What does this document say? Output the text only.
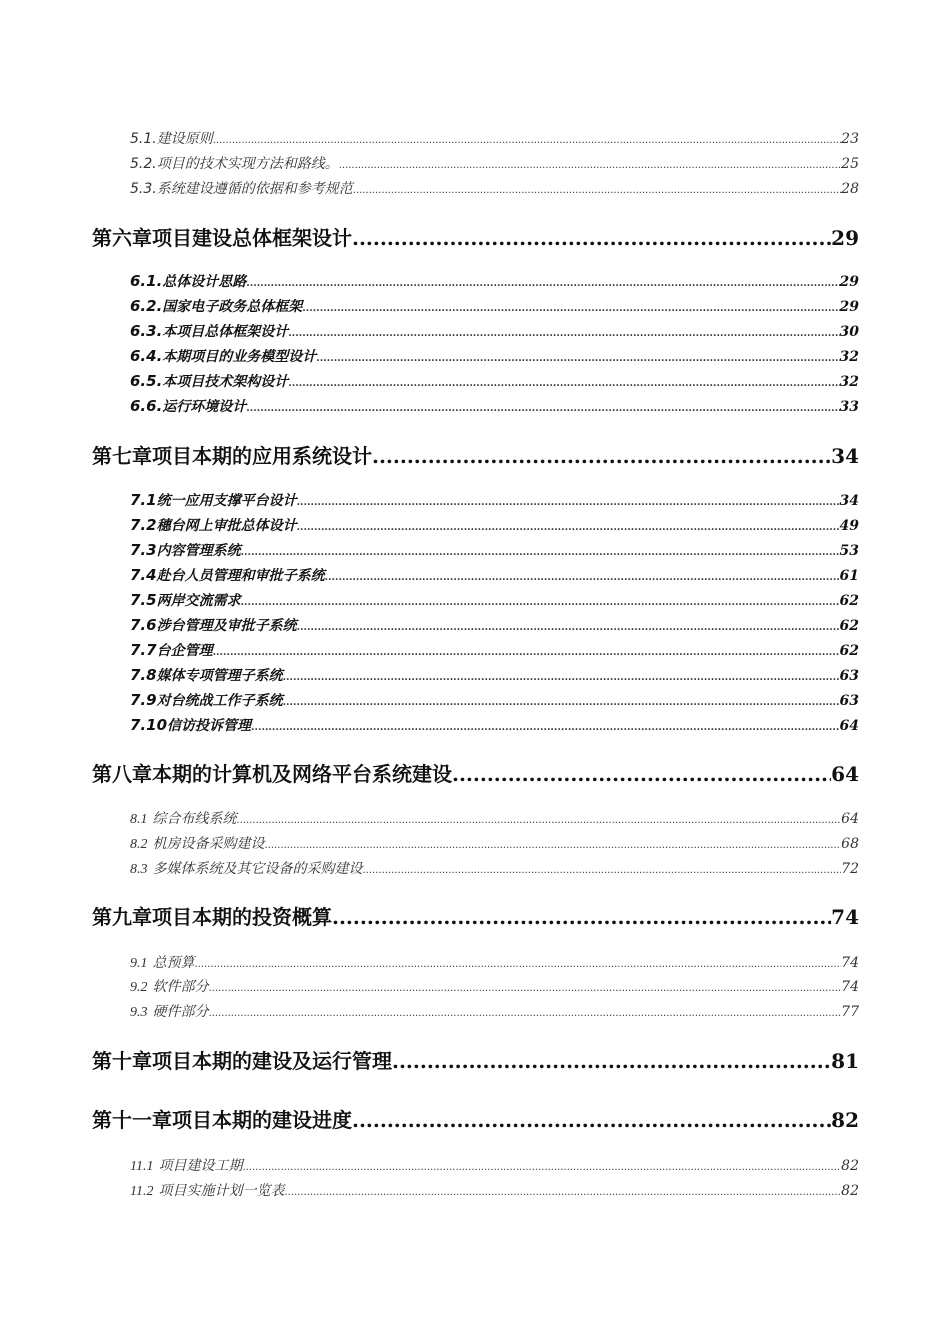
5.1. 建设原则 .....	23
5.2. 项目的技术实现方法和路线。 .....	25
5.3. 系统建设遵循的依据和参考规范 .....	28
第六章 项目建设总体框架设计 .....	29
6.1. 总体设计思路 .....	29
6.2. 国家电子政务总体框架 .....	29
6.3. 本项目总体框架设计 .....	30
6.4. 本期项目的业务模型设计 .....	32
6.5. 本项目技术架构设计 .....	32
6.6. 运行环境设计 .....	33
第七章 项目本期的应用系统设计 .....	34
7.1 统一应用支撑平台设计 .....	34
7.2 穗台网上审批总体设计 .....	49
7.3 内容管理系统 .....	53
7.4 赴台人员管理和审批子系统 .....	61
7.5 两岸交流需求 .....	62
7.6 涉台管理及审批子系统 .....	62
7.7 台企管理 .....	62
7.8 媒体专项管理子系统 .....	63
7.9 对台统战工作子系统 .....	63
7.10 信访投诉管理 .....	64
第八章 本期的计算机及网络平台系统建设 .....	64
8.1 综合布线系统 .....	64
8.2 机房设备采购建设 .....	68
8.3 多媒体系统及其它设备的采购建设 .....	72
第九章 项目本期的投资概算 .....	74
9.1 总预算 .....	74
9.2 软件部分 .....	74
9.3 硬件部分 .....	77
第十章 项目本期的建设及运行管理 .....	81
第十一章 项目本期的建设进度 .....	82
11.1 项目建设工期 .....	82
11.2 项目实施计划一览表 .....	82
